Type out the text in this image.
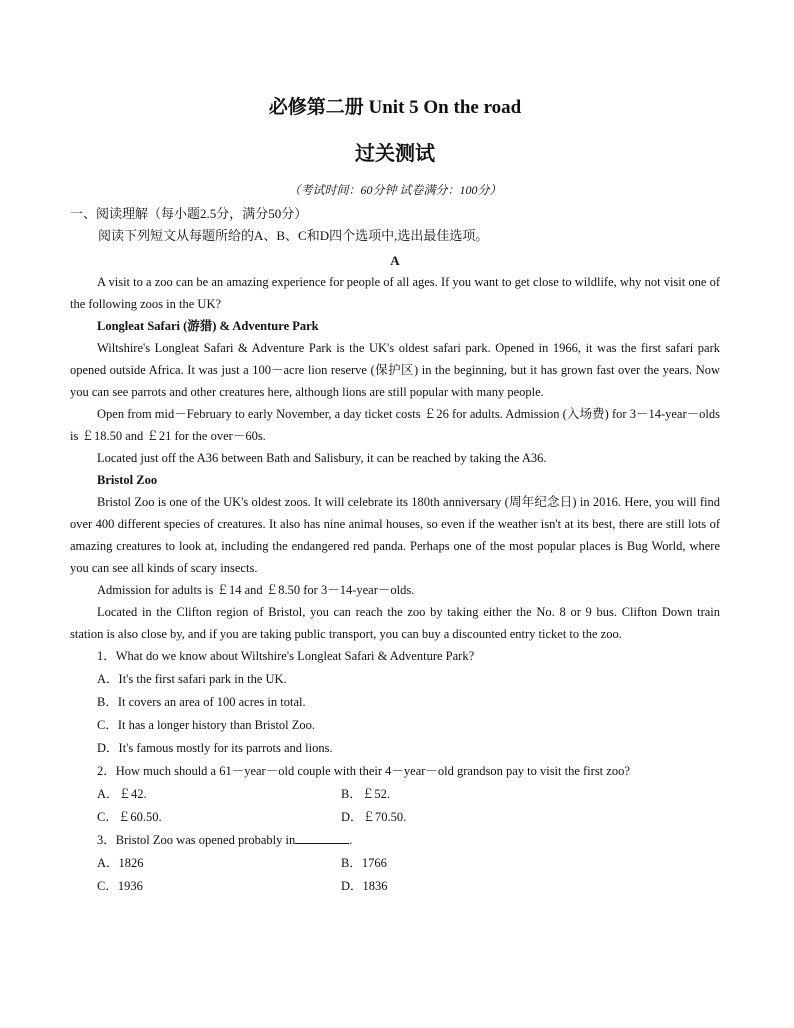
必修第二册 Unit 5 On the road
过关测试
（考试时间：60分钟 试卷满分：100分）
一、阅读理解（每小题2.5分，满分50分）
阅读下列短文从每题所给的A、B、C和D四个选项中,选出最佳选项。
A

A visit to a zoo can be an amazing experience for people of all ages. If you want to get close to wildlife, why not visit one of the following zoos in the UK?

Longleat Safari (游猎) & Adventure Park

Wiltshire's Longleat Safari & Adventure Park is the UK's oldest safari park. Opened in 1966, it was the first safari park opened outside Africa. It was just a 100－acre lion reserve (保护区) in the beginning, but it has grown fast over the years. Now you can see parrots and other creatures here, although lions are still popular with many people.

Open from mid－February to early November, a day ticket costs ￡26 for adults. Admission (入场费) for 3－14-year－olds is ￡18.50 and ￡21 for the over－60s.

Located just off the A36 between Bath and Salisbury, it can be reached by taking the A36.

Bristol Zoo

Bristol Zoo is one of the UK's oldest zoos. It will celebrate its 180th anniversary (周年纪念日) in 2016. Here, you will find over 400 different species of creatures. It also has nine animal houses, so even if the weather isn't at its best, there are still lots of amazing creatures to look at, including the endangered red panda. Perhaps one of the most popular places is Bug World, where you can see all kinds of scary insects.

Admission for adults is ￡14 and ￡8.50 for 3－14-year－olds.

Located in the Clifton region of Bristol, you can reach the zoo by taking either the No. 8 or 9 bus. Clifton Down train station is also close by, and if you are taking public transport, you can buy a discounted entry ticket to the zoo.

1．What do we know about Wiltshire's Longleat Safari & Adventure Park?
A．It's the first safari park in the UK.
B．It covers an area of 100 acres in total.
C．It has a longer history than Bristol Zoo.
D．It's famous mostly for its parrots and lions.
2．How much should a 61－year－old couple with their 4－year－old grandson pay to visit the first zoo?
A．￡42.	B．￡52.
C．￡60.50.	D．￡70.50.
3．Bristol Zoo was opened probably in	.
A．1826	B．1766
C．1936	D．1836
